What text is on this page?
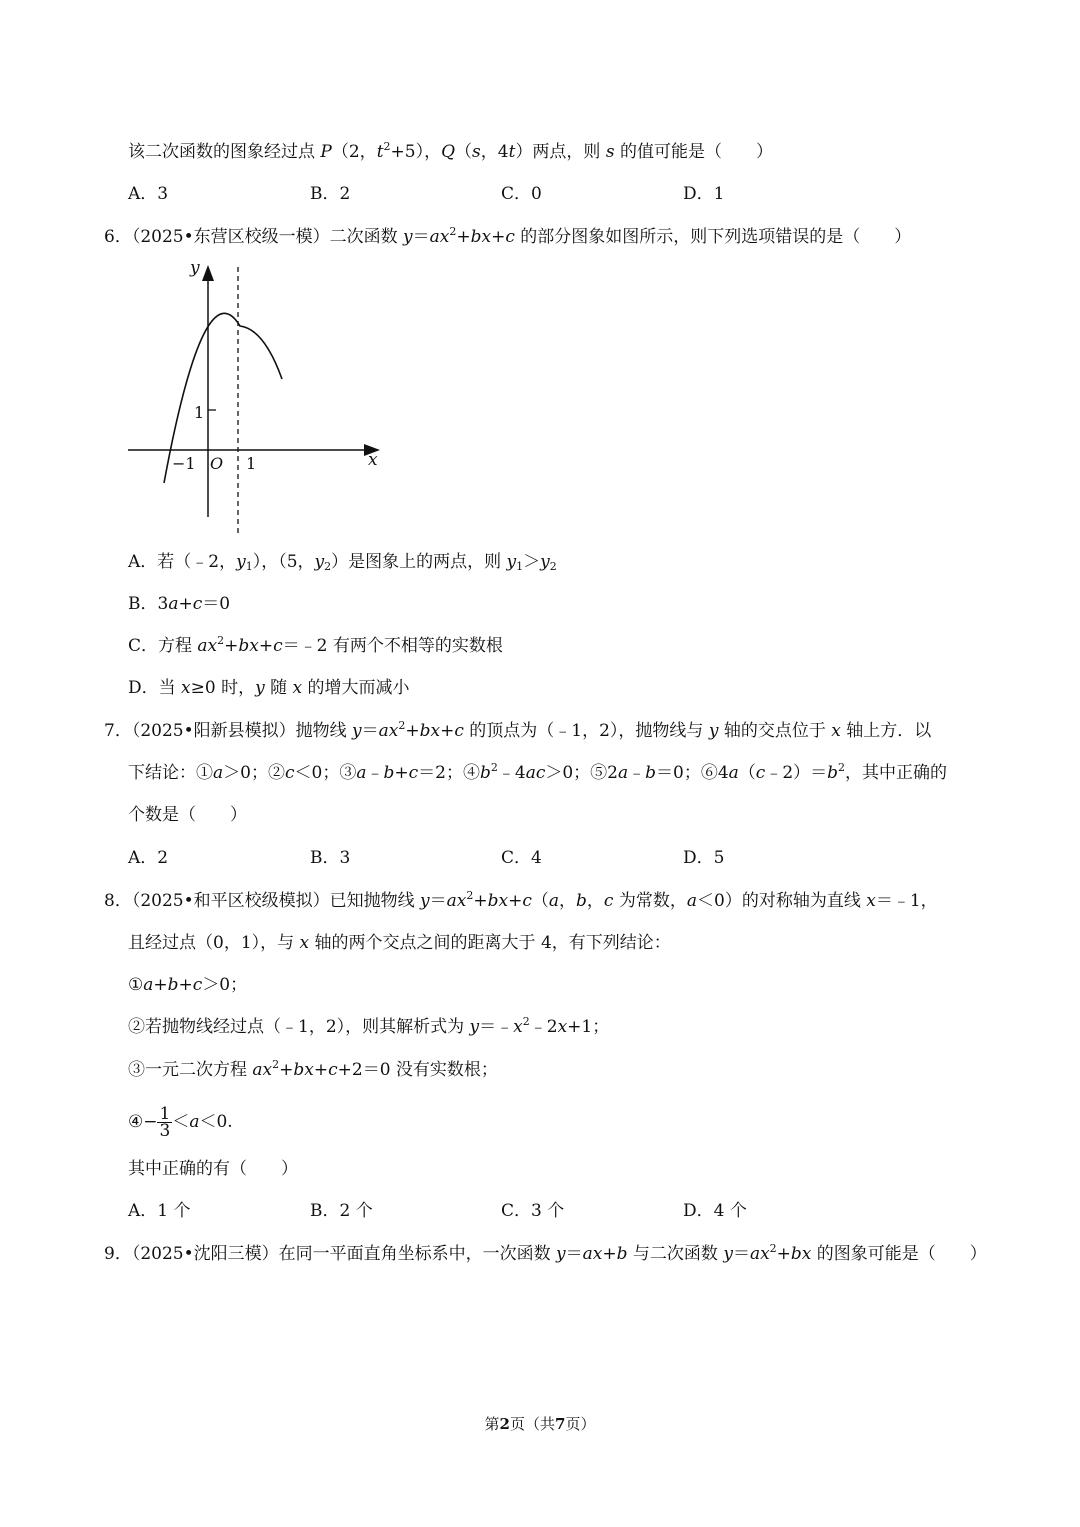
该二次函数的图象经过点 P（2，$t^2+5$），Q（s，4t）两点，则 s 的值可能是（　　）
A．3	B．2	C．0	D．1
6．（2025•东营区校级一模）二次函数 $y=ax^2+bx+c$ 的部分图象如图所示，则下列选项错误的是（　　）
y
x
O
−1	1
1
A．若（﹣2，$y_1$），（5，$y_2$）是图象上的两点，则 $y_1>y_2$
B．3a+c＝0
C．方程 $ax^2+bx+c=﹣2$ 有两个不相等的实数根
D．当 x≥0 时，y 随 x 的增大而减小
7．（2025•阳新县模拟）抛物线 $y=ax^2+bx+c$ 的顶点为（﹣1，2），抛物线与 y 轴的交点位于 x 轴上方．以
下结论：①a＞0；②c＜0；③a﹣b+c＝2；$④b^2﹣4ac>0$；⑤2a﹣b＝0；$⑥4a(c﹣2)=b^2$，其中正确的
个数是（　　）
A．2	B．3	C．4	D．5
8．（2025•和平区校级模拟）已知抛物线 $y=ax^2+bx+c(a$，b，c 为常数，a＜0）的对称轴为直线 x＝﹣1，
且经过点（0，1），与 x 轴的两个交点之间的距离大于 4，有下列结论：
①a+b+c＞0；
②若抛物线经过点（﹣1，2），则其解析式为 $y=﹣x^2﹣2x+1$；
③一元二次方程 $ax^2+bx+c+2=0$ 没有实数根；
④− $\frac{1}{3} <a<0$.
其中正确的有（　　）
A．1 个	B．2 个	C．3 个	D．4 个
9．（2025•沈阳三模）在同一平面直角坐标系中，一次函数 y＝ax+b 与二次函数 $y=ax^2+bx$ 的图象可能是（　　）
第2页（共7页）
